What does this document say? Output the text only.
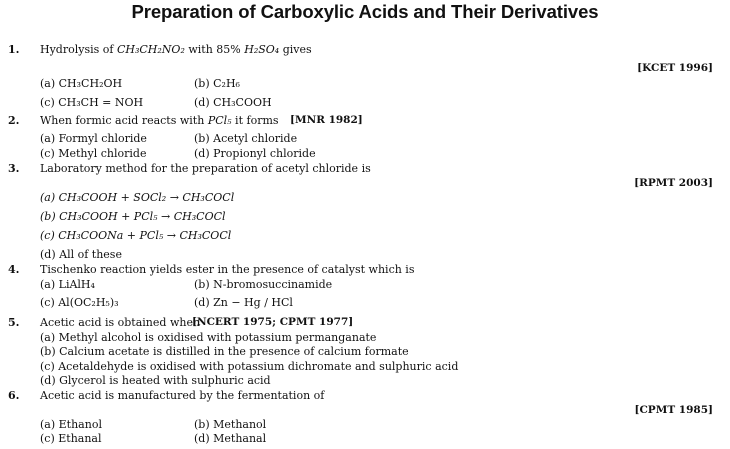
Preparation of Carboxylic Acids and Their Derivatives
1. Hydrolysis of CH₃CH₂NO₂ with 85% H₂SO₄ gives
[KCET 1996]
(a) CH₃CH₂OH	(b) C₂H₆
(c) CH₃CH = NOH	(d) CH₃COOH
2. When formic acid reacts with PCl₅ it forms [MNR 1982]
(a) Formyl chloride	(b) Acetyl chloride
(c) Methyl chloride	(d) Propionyl chloride
3. Laboratory method for the preparation of acetyl chloride is
[RPMT 2003]
(a) CH₃COOH + SOCl₂ → CH₃COCl
(b) CH₃COOH + PCl₅ → CH₃COCl
(c) CH₃COONa + PCl₅ → CH₃COCl
(d) All of these
4. Tischenko reaction yields ester in the presence of catalyst which is
(a) LiAlH₄	(b) N-bromosuccinamide
(c) Al(OC₂H₅)₃	(d) Zn − Hg / HCl
5. Acetic acid is obtained when
[NCERT 1975; CPMT 1977]
(a) Methyl alcohol is oxidised with potassium permanganate
(b) Calcium acetate is distilled in the presence of calcium formate
(c) Acetaldehyde is oxidised with potassium dichromate and sulphuric acid
(d) Glycerol is heated with sulphuric acid
6. Acetic acid is manufactured by the fermentation of
[CPMT 1985]
(a) Ethanol	(b) Methanol
(c) Ethanal	(d) Methanal
